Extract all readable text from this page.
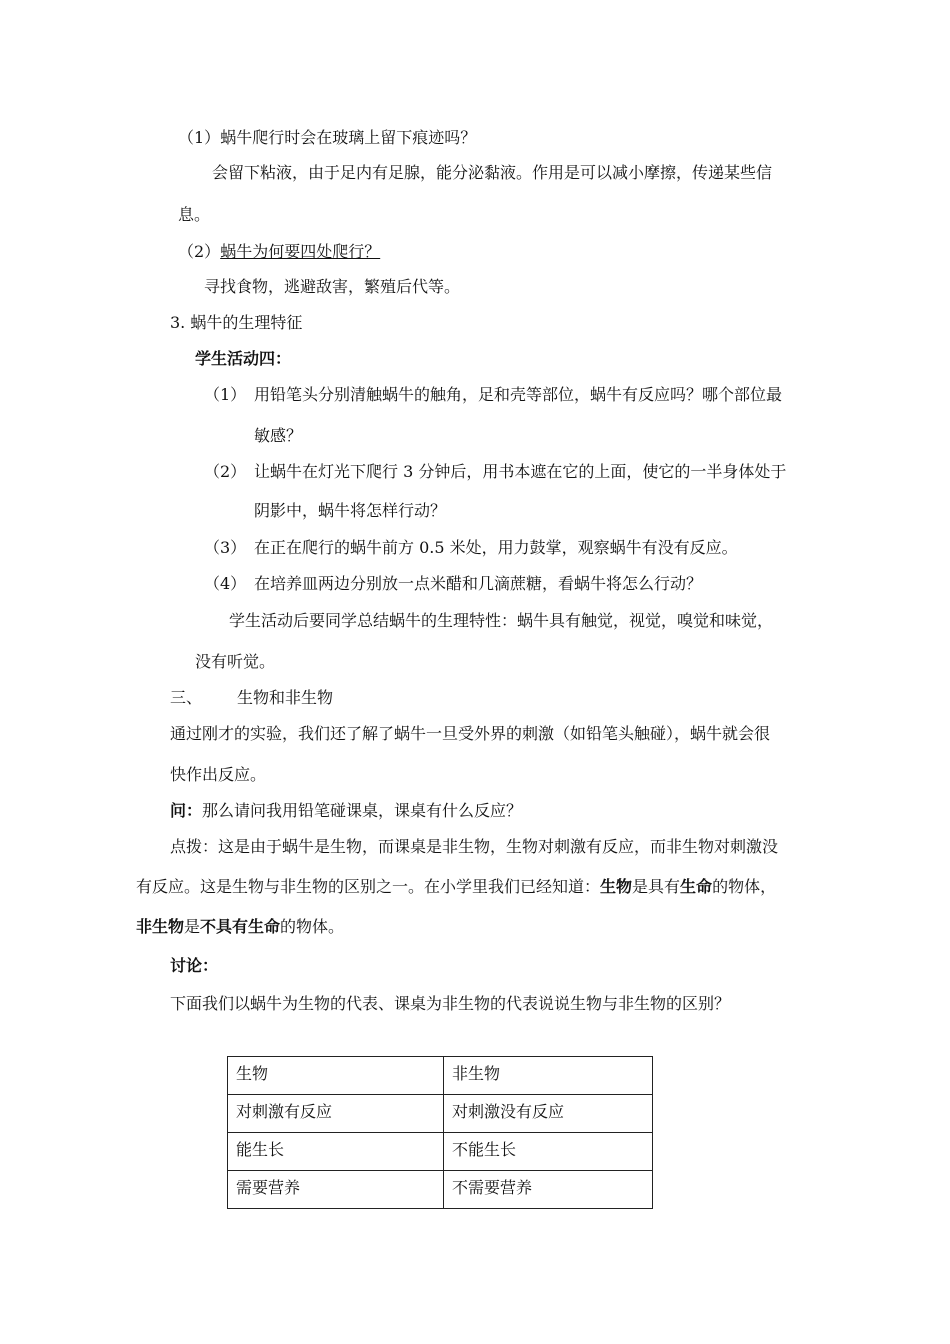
（1）蜗牛爬行时会在玻璃上留下痕迹吗？
会留下粘液，由于足内有足腺，能分泌黏液。作用是可以减小摩擦，传递某些信
息。
（2）蜗牛为何要四处爬行？
寻找食物，逃避敌害，繁殖后代等。
3. 蜗牛的生理特征
学生活动四：
（1） 用铅笔头分别清触蜗牛的触角，足和壳等部位，蜗牛有反应吗？哪个部位最
敏感？
（2） 让蜗牛在灯光下爬行 3 分钟后，用书本遮在它的上面，使它的一半身体处于
阴影中，蜗牛将怎样行动？
（3） 在正在爬行的蜗牛前方 0.5 米处，用力鼓掌，观察蜗牛有没有反应。
（4） 在培养皿两边分别放一点米醋和几滴蔗糖，看蜗牛将怎么行动？
学生活动后要同学总结蜗牛的生理特性：蜗牛具有触觉，视觉，嗅觉和味觉，
没有听觉。
三、 生物和非生物
通过刚才的实验，我们还了解了蜗牛一旦受外界的刺激（如铅笔头触碰），蜗牛就会很
快作出反应。
问：那么请问我用铅笔碰课桌，课桌有什么反应？
点拨：这是由于蜗牛是生物，而课桌是非生物，生物对刺激有反应，而非生物对刺激没
有反应。这是生物与非生物的区别之一。在小学里我们已经知道：生物是具有生命的物体，
非生物是不具有生命的物体。
讨论：
下面我们以蜗牛为生物的代表、课桌为非生物的代表说说生物与非生物的区别？
生物	非生物
对刺激有反应	对刺激没有反应
能生长	不能生长
需要营养	不需要营养
